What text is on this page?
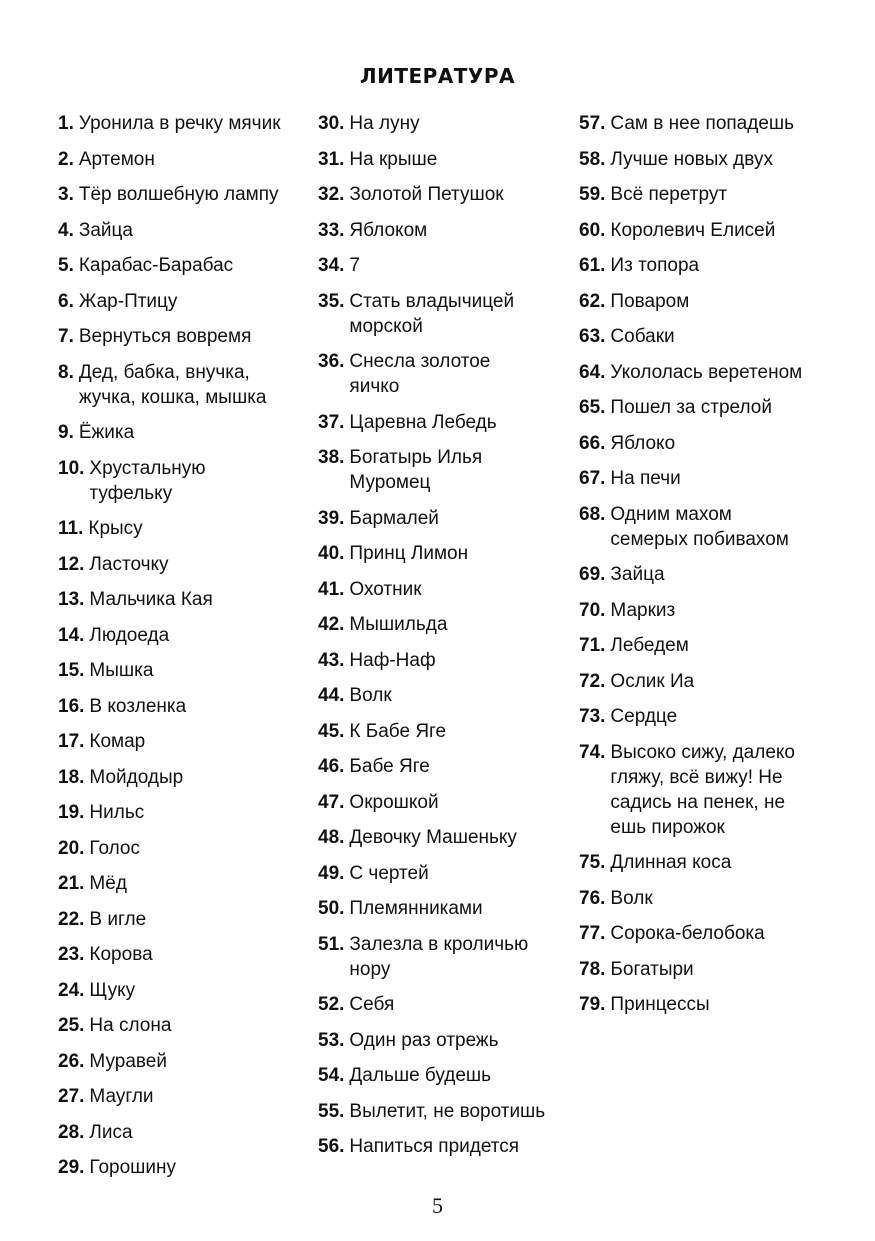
ЛИТЕРАТУРА
1. Уронила в речку мячик
2. Артемон
3. Тёр волшебную лампу
4. Зайца
5. Карабас-Барабас
6. Жар-Птицу
7. Вернуться вовремя
8. Дед, бабка, внучка,
жучка, кошка, мышка
9. Ёжика
10. Хрустальную
туфельку
11. Крысу
12. Ласточку
13. Мальчика Кая
14. Людоеда
15. Мышка
16. В козленка
17. Комар
18. Мойдодыр
19. Нильс
20. Голос
21. Мёд
22. В игле
23. Корова
24. Щуку
25. На слона
26. Муравей
27. Маугли
28. Лиса
29. Горошину
30. На луну
31. На крыше
32. Золотой Петушок
33. Яблоком
34. 7
35. Стать владычицей
морской
36. Снесла золотое
яичко
37. Царевна Лебедь
38. Богатырь Илья
Муромец
39. Бармалей
40. Принц Лимон
41. Охотник
42. Мышильда
43. Наф-Наф
44. Волк
45. К Бабе Яге
46. Бабе Яге
47. Окрошкой
48. Девочку Машеньку
49. С чертей
50. Племянниками
51. Залезла в кроличью
нору
52. Себя
53. Один раз отрежь
54. Дальше будешь
55. Вылетит, не воротишь
56. Напиться придется
57. Сам в нее попадешь
58. Лучше новых двух
59. Всё перетрут
60. Королевич Елисей
61. Из топора
62. Поваром
63. Собаки
64. Укололась веретеном
65. Пошел за стрелой
66. Яблоко
67. На печи
68. Одним махом
семерых побивахом
69. Зайца
70. Маркиз
71. Лебедем
72. Ослик Иа
73. Сердце
74. Высоко сижу, далеко
гляжу, всё вижу! Не
садись на пенек, не
ешь пирожок
75. Длинная коса
76. Волк
77. Сорока-белобока
78. Богатыри
79. Принцессы
5
